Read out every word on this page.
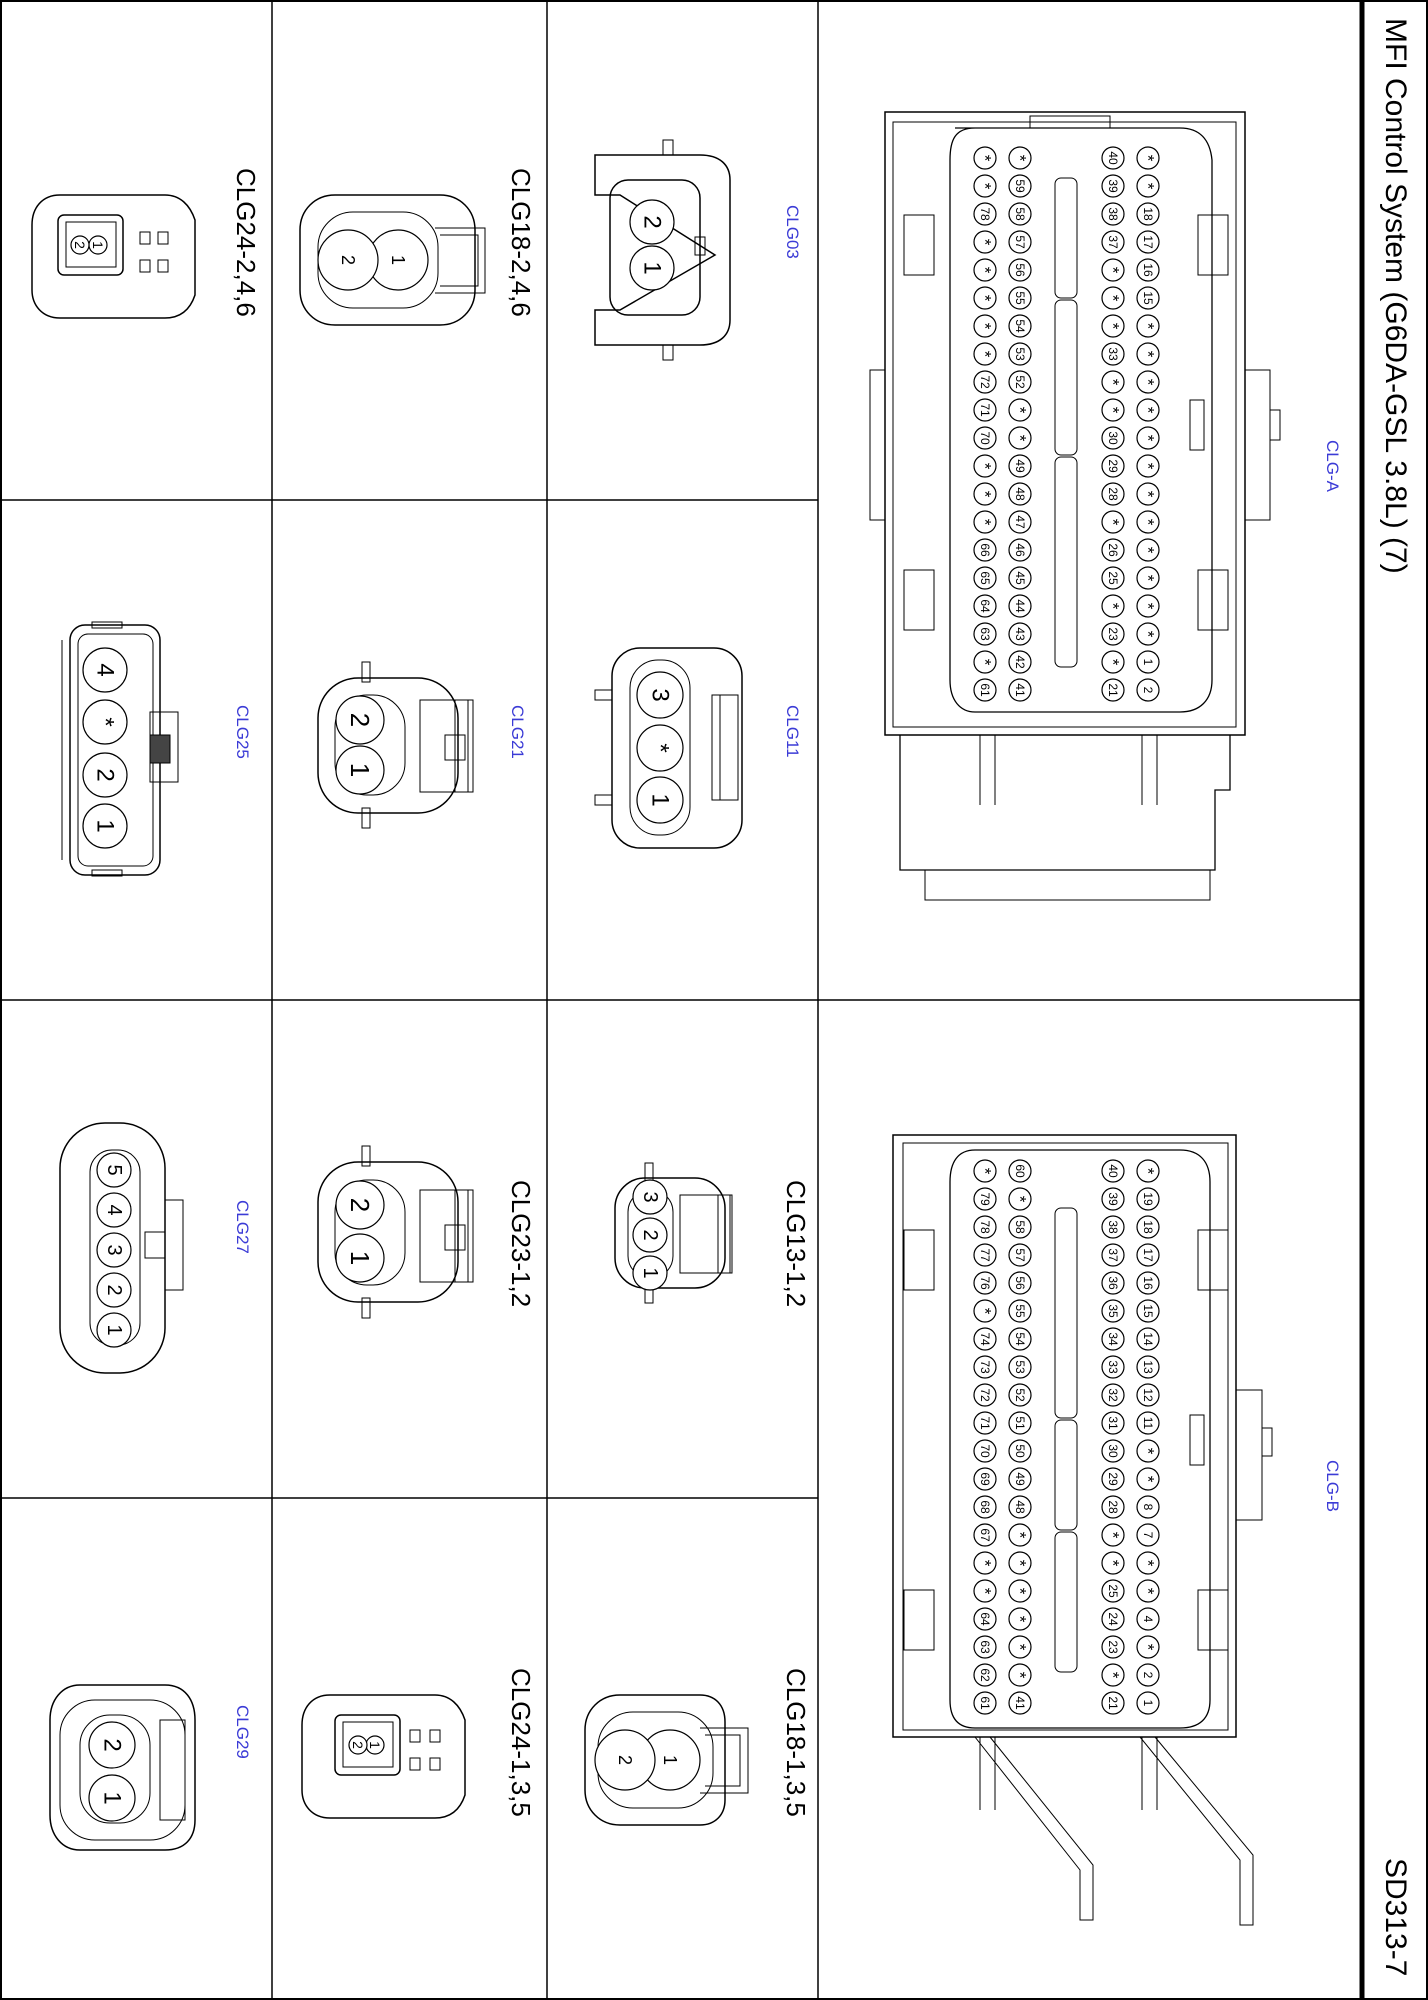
MFI Control System (G6DA-GSL 3.8L) (7)
SD313-7
CLG-A
2
1
*
*
*
*
*
*
*
*
*
*
*
*
15
16
17
18
*
*
21
*
23
*
25
26
*
28
29
30
*
*
33
*
*
*
37
38
39
40
41
42
43
44
45
46
47
48
49
*
*
52
53
54
55
56
57
58
59
*
61
*
63
64
65
66
*
*
*
70
71
72
*
*
*
*
*
78
*
*
CLG-B
1
2
*
4
*
*
7
8
*
*
11
12
13
14
15
16
17
18
19
*
21
*
23
24
25
*
*
28
29
30
31
32
33
34
35
36
37
38
39
40
41
*
*
*
*
*
*
48
49
50
51
52
53
54
55
56
57
58
*
60
61
62
63
64
*
*
67
68
69
70
71
72
73
74
*
76
77
78
79
*
CLG03
2
1
CLG11
3
*
1
CLG18-2,4,6
1
2
CLG24-2,4,6
1
2
CLG21
2
1
CLG25
4
*
2
1
CLG13-1,2
3
2
1
CLG23-1,2
2
1
CLG27
5
4
3
2
1
CLG18-1,3,5
1
2
CLG24-1,3,5
1
2
CLG29
2
1
